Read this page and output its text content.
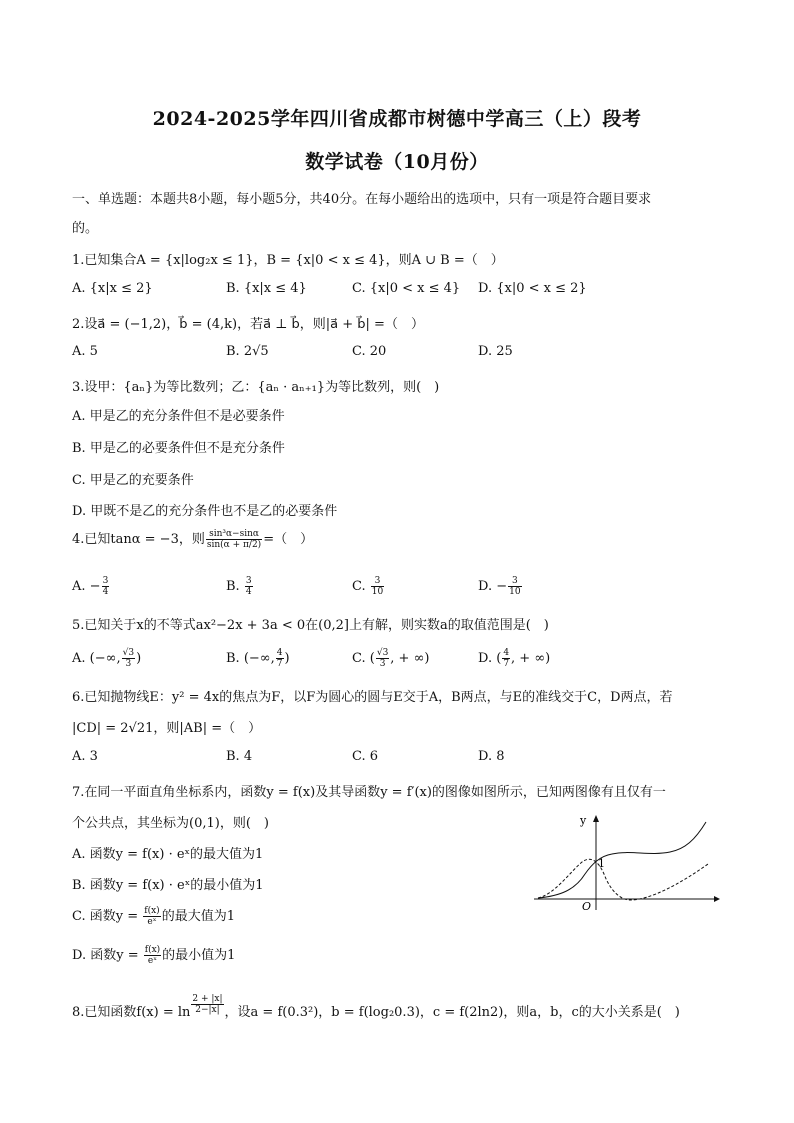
2024-2025学年四川省成都市树德中学高三（上）段考
数学试卷（10月份）
一、单选题：本题共8小题，每小题5分，共40分。在每小题给出的选项中，只有一项是符合题目要求
的。
1.已知集合A = {x|log₂x ≤ 1}，B = {x|0 < x ≤ 4}，则A ∪ B =（　）
A. {x|x ≤ 2}	B. {x|x ≤ 4}	C. {x|0 < x ≤ 4} D. {x|0 < x ≤ 2}
2.设a⃗ = (−1,2)，b⃗ = (4,k)，若a⃗ ⊥ b⃗，则|a⃗ + b⃗| =（　）
A. 5	B. 2√5	C. 20	D. 25
3.设甲：{aₙ}为等比数列；乙：{aₙ · aₙ₊₁}为等比数列，则(　)
A. 甲是乙的充分条件但不是必要条件
B. 甲是乙的必要条件但不是充分条件
C. 甲是乙的充要条件
D. 甲既不是乙的充分条件也不是乙的必要条件
4.已知tanα = −3，则 $\frac{\text{sin³α−sinα}}{\sin(\alpha + \pi/2)}$ =（　）
A. − $\frac{3}{4}$	B. $\frac{3}{4}$	C. $\frac{3}{10}$	D. − $\frac{3}{10}$
5.已知关于x的不等式ax²−2x + 3a < 0在(0,2]上有解，则实数a的取值范围是(　)
A. (−∞, $\frac{√3}{3}$ )	B. (−∞, $\frac{4}{7}$ )	C. ( $\frac{√3}{3}$ , + ∞)	D. ( $\frac{4}{7}$ , + ∞)
6.已知抛物线E：y² = 4x的焦点为F，以F为圆心的圆与E交于A，B两点，与E的准线交于C，D两点，若
|CD| = 2√21，则|AB| =（　）
A. 3	B. 4	C. 6	D. 8
7.在同一平面直角坐标系内，函数y = f(x)及其导函数y = f′(x)的图像如图所示，已知两图像有且仅有一
个公共点，其坐标为(0,1)，则(　)
A. 函数y = f(x) · eˣ的最大值为1
B. 函数y = f(x) · eˣ的最小值为1
C. 函数$y = \frac{f(x)}{\text{eˣ}}$ 的最大值为1
D. 函数$y = \frac{f(x)}{\text{eˣ}}$ 的最小值为1
y
O
1
8.已知函数$f(x) = \ln \frac{2 + |x|}{2-|x|}$ ，设a = f(0.3²)，b = f(log₂0.3)，c = f(2ln2)，则a，b，c的大小关系是(　)
